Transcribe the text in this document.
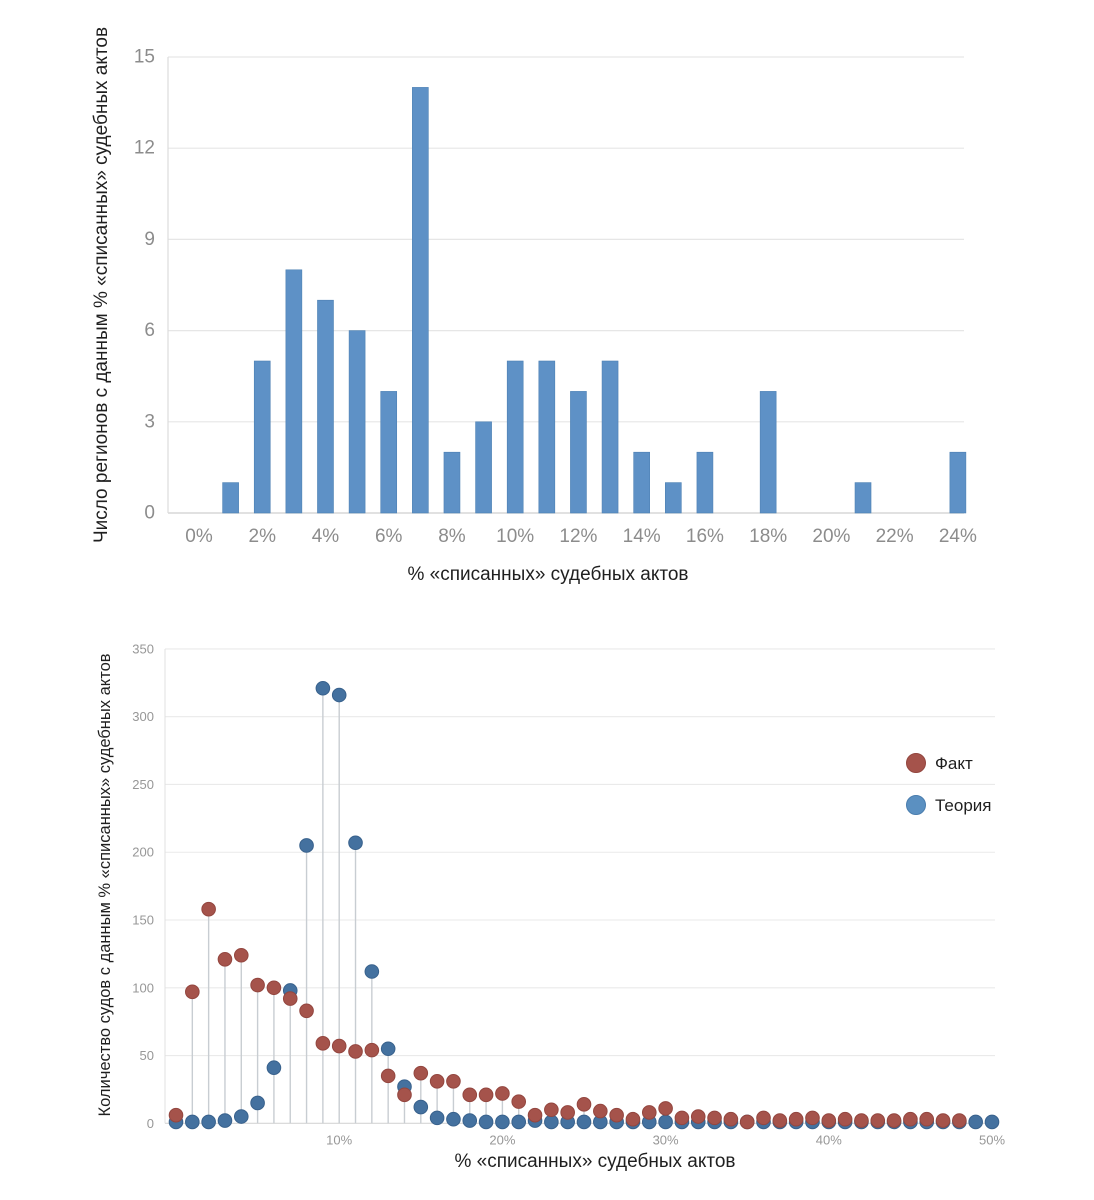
0
3
6
9
12
15
0% 2% 4% 6% 8% 10% 12% 14% 16% 18% 20% 22% 24%
% «списанных» судебных актов
Число регионов с данным % «списанных» судебных актов
0
50
100
150
200
250
300
350
10%	20%	30%	40%	50%
Факт
Теория
% «списанных» судебных актов
Количество судов с данным % «списанных» судебных актов
